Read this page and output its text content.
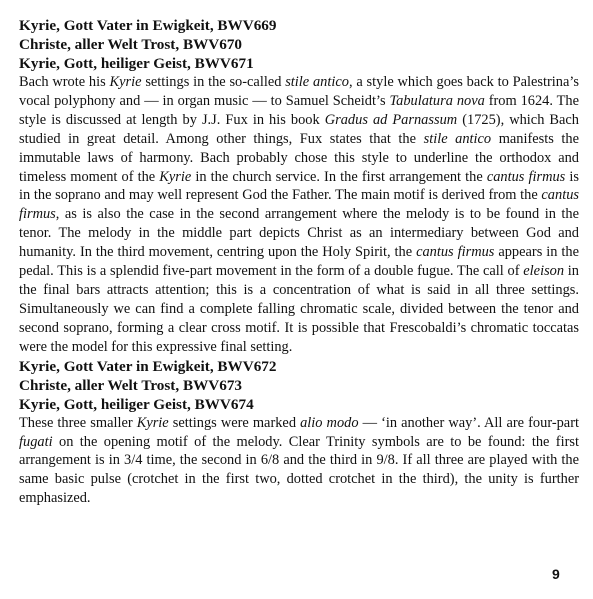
Kyrie, Gott Vater in Ewigkeit, BWV669

Christe, aller Welt Trost, BWV670

Kyrie, Gott, heiliger Geist, BWV671

Bach wrote his Kyrie settings in the so-called stile antico, a style which goes back to Palestrina’s vocal polyphony and — in organ music — to Samuel Scheidt’s Tabulatura nova from 1624. The style is discussed at length by J.J. Fux in his book Gradus ad Parnassum (1725), which Bach studied in great detail. Among other things, Fux states that the stile antico manifests the immutable laws of harmony. Bach probably chose this style to underline the orthodox and timeless moment of the Kyrie in the church service. In the first arrangement the cantus firmus is in the soprano and may well represent God the Father. The main motif is derived from the cantus firmus, as is also the case in the second arrangement where the melody is to be found in the tenor. The melody in the middle part depicts Christ as an intermediary between God and humanity. In the third movement, centring upon the Holy Spirit, the cantus firmus appears in the pedal. This is a splendid five-part movement in the form of a double fugue. The call of eleison in the final bars attracts attention; this is a concentration of what is said in all three settings. Simultaneously we can find a complete falling chromatic scale, divided between the tenor and second soprano, forming a clear cross motif. It is possible that Frescobaldi’s chromatic toccatas were the model for this expressive final setting.

Kyrie, Gott Vater in Ewigkeit, BWV672

Christe, aller Welt Trost, BWV673

Kyrie, Gott, heiliger Geist, BWV674

These three smaller Kyrie settings were marked alio modo — ‘in another way’. All are four-part fugati on the opening motif of the melody. Clear Trinity symbols are to be found: the first arrangement is in 3/4 time, the second in 6/8 and the third in 9/8. If all three are played with the same basic pulse (crotchet in the first two, dotted crotchet in the third), the unity is further emphasized.

9
